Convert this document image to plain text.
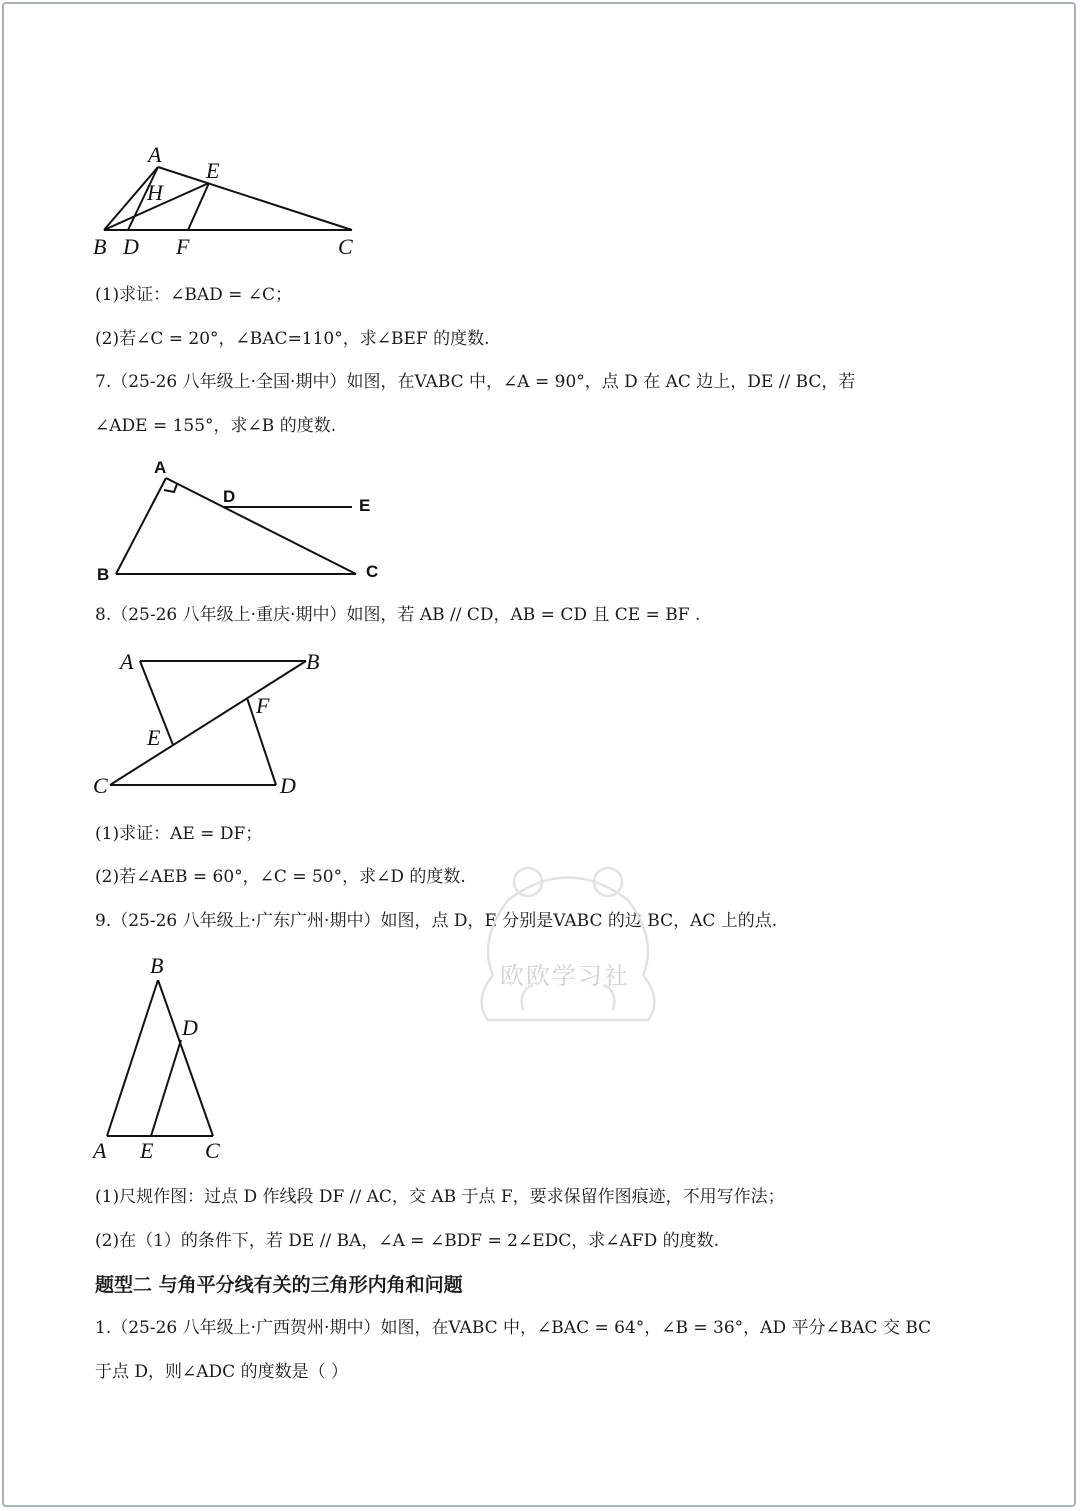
A
E
H
B D F	C
(1)求证：∠BAD = ∠C；
(2)若∠C = 20°，∠BAC=110°，求∠BEF 的度数.
7.（25-26 八年级上·全国·期中）如图，在VABC 中，∠A = 90°，点 D 在 AC 边上，DE // BC，若
∠ADE = 155°，求∠B 的度数.
A
D	E
B	C
8.（25-26 八年级上·重庆·期中）如图，若 AB // CD，AB = CD 且 CE = BF .
A	B
F
E
C	D
(1)求证：AE = DF；
(2)若∠AEB = 60°，∠C = 50°，求∠D 的度数.
9.（25-26 八年级上·广东广州·期中）如图，点 D，E 分别是VABC 的边 BC，AC 上的点.
B
D
A E C
(1)尺规作图：过点 D 作线段 DF // AC，交 AB 于点 F，要求保留作图痕迹，不用写作法；
(2)在（1）的条件下，若 DE // BA，∠A = ∠BDF = 2∠EDC，求∠AFD 的度数.
题型二 与角平分线有关的三角形内角和问题
1.（25-26 八年级上·广西贺州·期中）如图，在VABC 中，∠BAC = 64°，∠B = 36°，AD 平分∠BAC 交 BC
于点 D，则∠ADC 的度数是（ ）
欧欧学习社
